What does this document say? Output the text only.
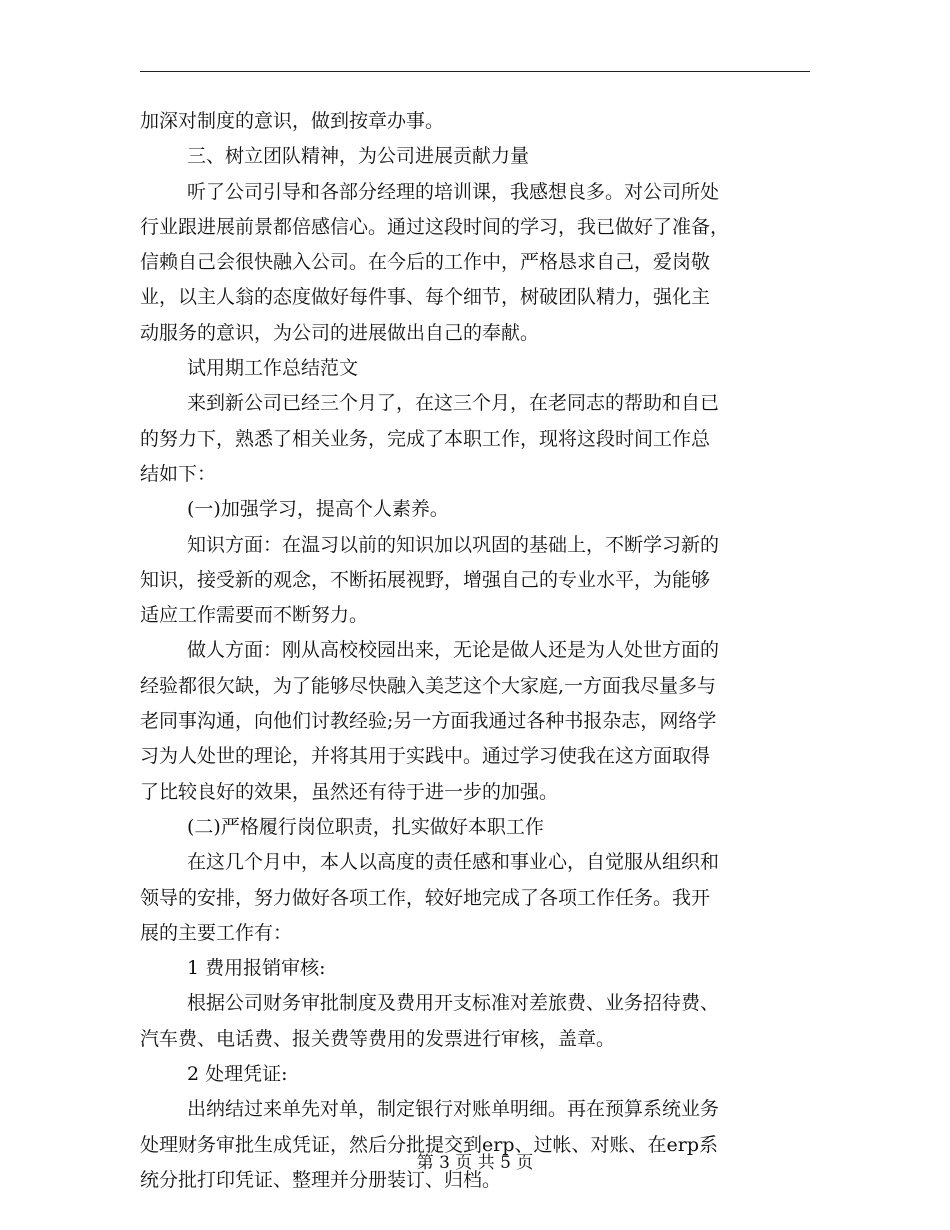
加深对制度的意识，做到按章办事。
三、树立团队精神，为公司进展贡献力量
听了公司引导和各部分经理的培训课，我感想良多。对公司所处
行业跟进展前景都倍感信心。通过这段时间的学习，我已做好了准备，
信赖自己会很快融入公司。在今后的工作中，严格恳求自己，爱岗敬
业，以主人翁的态度做好每件事、每个细节，树破团队精力，强化主
动服务的意识，为公司的进展做出自己的奉献。
试用期工作总结范文
来到新公司已经三个月了，在这三个月，在老同志的帮助和自已
的努力下，熟悉了相关业务，完成了本职工作，现将这段时间工作总
结如下：
(一)加强学习，提高个人素养。
知识方面：在温习以前的知识加以巩固的基础上，不断学习新的
知识，接受新的观念，不断拓展视野，增强自己的专业水平，为能够
适应工作需要而不断努力。
做人方面：刚从高校校园出来，无论是做人还是为人处世方面的
经验都很欠缺，为了能够尽快融入美芝这个大家庭,一方面我尽量多与
老同事沟通，向他们讨教经验;另一方面我通过各种书报杂志，网络学
习为人处世的理论，并将其用于实践中。通过学习使我在这方面取得
了比较良好的效果，虽然还有待于进一步的加强。
(二)严格履行岗位职责，扎实做好本职工作
在这几个月中，本人以高度的责任感和事业心，自觉服从组织和
领导的安排，努力做好各项工作，较好地完成了各项工作任务。我开
展的主要工作有：
1 费用报销审核:
根据公司财务审批制度及费用开支标准对差旅费、业务招待费、
汽车费、电话费、报关费等费用的发票进行审核，盖章。
2 处理凭证:
出纳结过来单先对单，制定银行对账单明细。再在预算系统业务
处理财务审批生成凭证，然后分批提交到erp、过帐、对账、在erp系
统分批打印凭证、整理并分册装订、归档。
第 3 页 共 5 页
